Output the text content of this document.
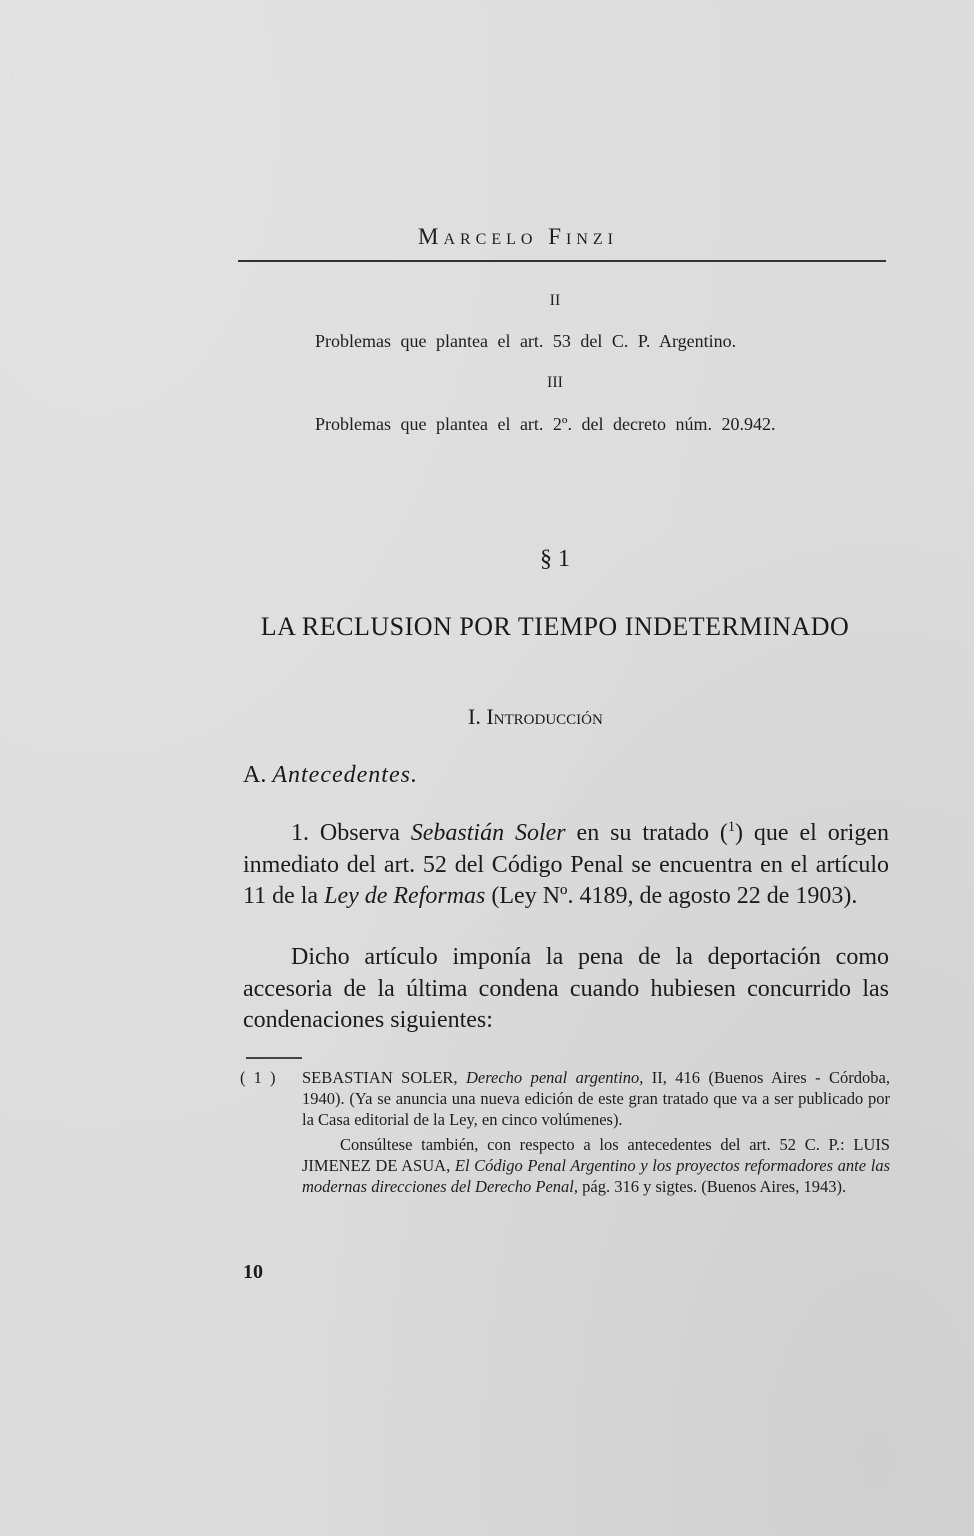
Marcelo Finzi
II
Problemas que plantea el art. 53 del C. P. Argentino.
III
Problemas que plantea el art. 2º. del decreto núm. 20.942.
§ 1
LA RECLUSION POR TIEMPO INDETERMINADO
I. Introducción
A. Antecedentes.

1. Observa Sebastián Soler en su tratado ($^1$) que el origen inmediato del art. 52 del Código Penal se encuentra en el artículo 11 de la Ley de Reformas (Ley Nº. 4189, de agosto 22 de 1903).

Dicho artículo imponía la pena de la deportación como accesoria de la última condena cuando hubiesen concurrido las condenaciones siguientes:

( 1 )	SEBASTIAN SOLER, Derecho penal argentino, II, 416 (Buenos Aires - Córdoba, 1940). (Ya se anuncia una nueva edición de este gran tratado que va a ser publicado por la Casa editorial de la Ley, en cinco volúmenes).

Consúltese también, con respecto a los antecedentes del art. 52 C. P.: LUIS JIMENEZ DE ASUA, El Código Penal Argentino y los proyectos reformadores ante las modernas direcciones del Derecho Penal, pág. 316 y sigtes. (Buenos Aires, 1943).

10
